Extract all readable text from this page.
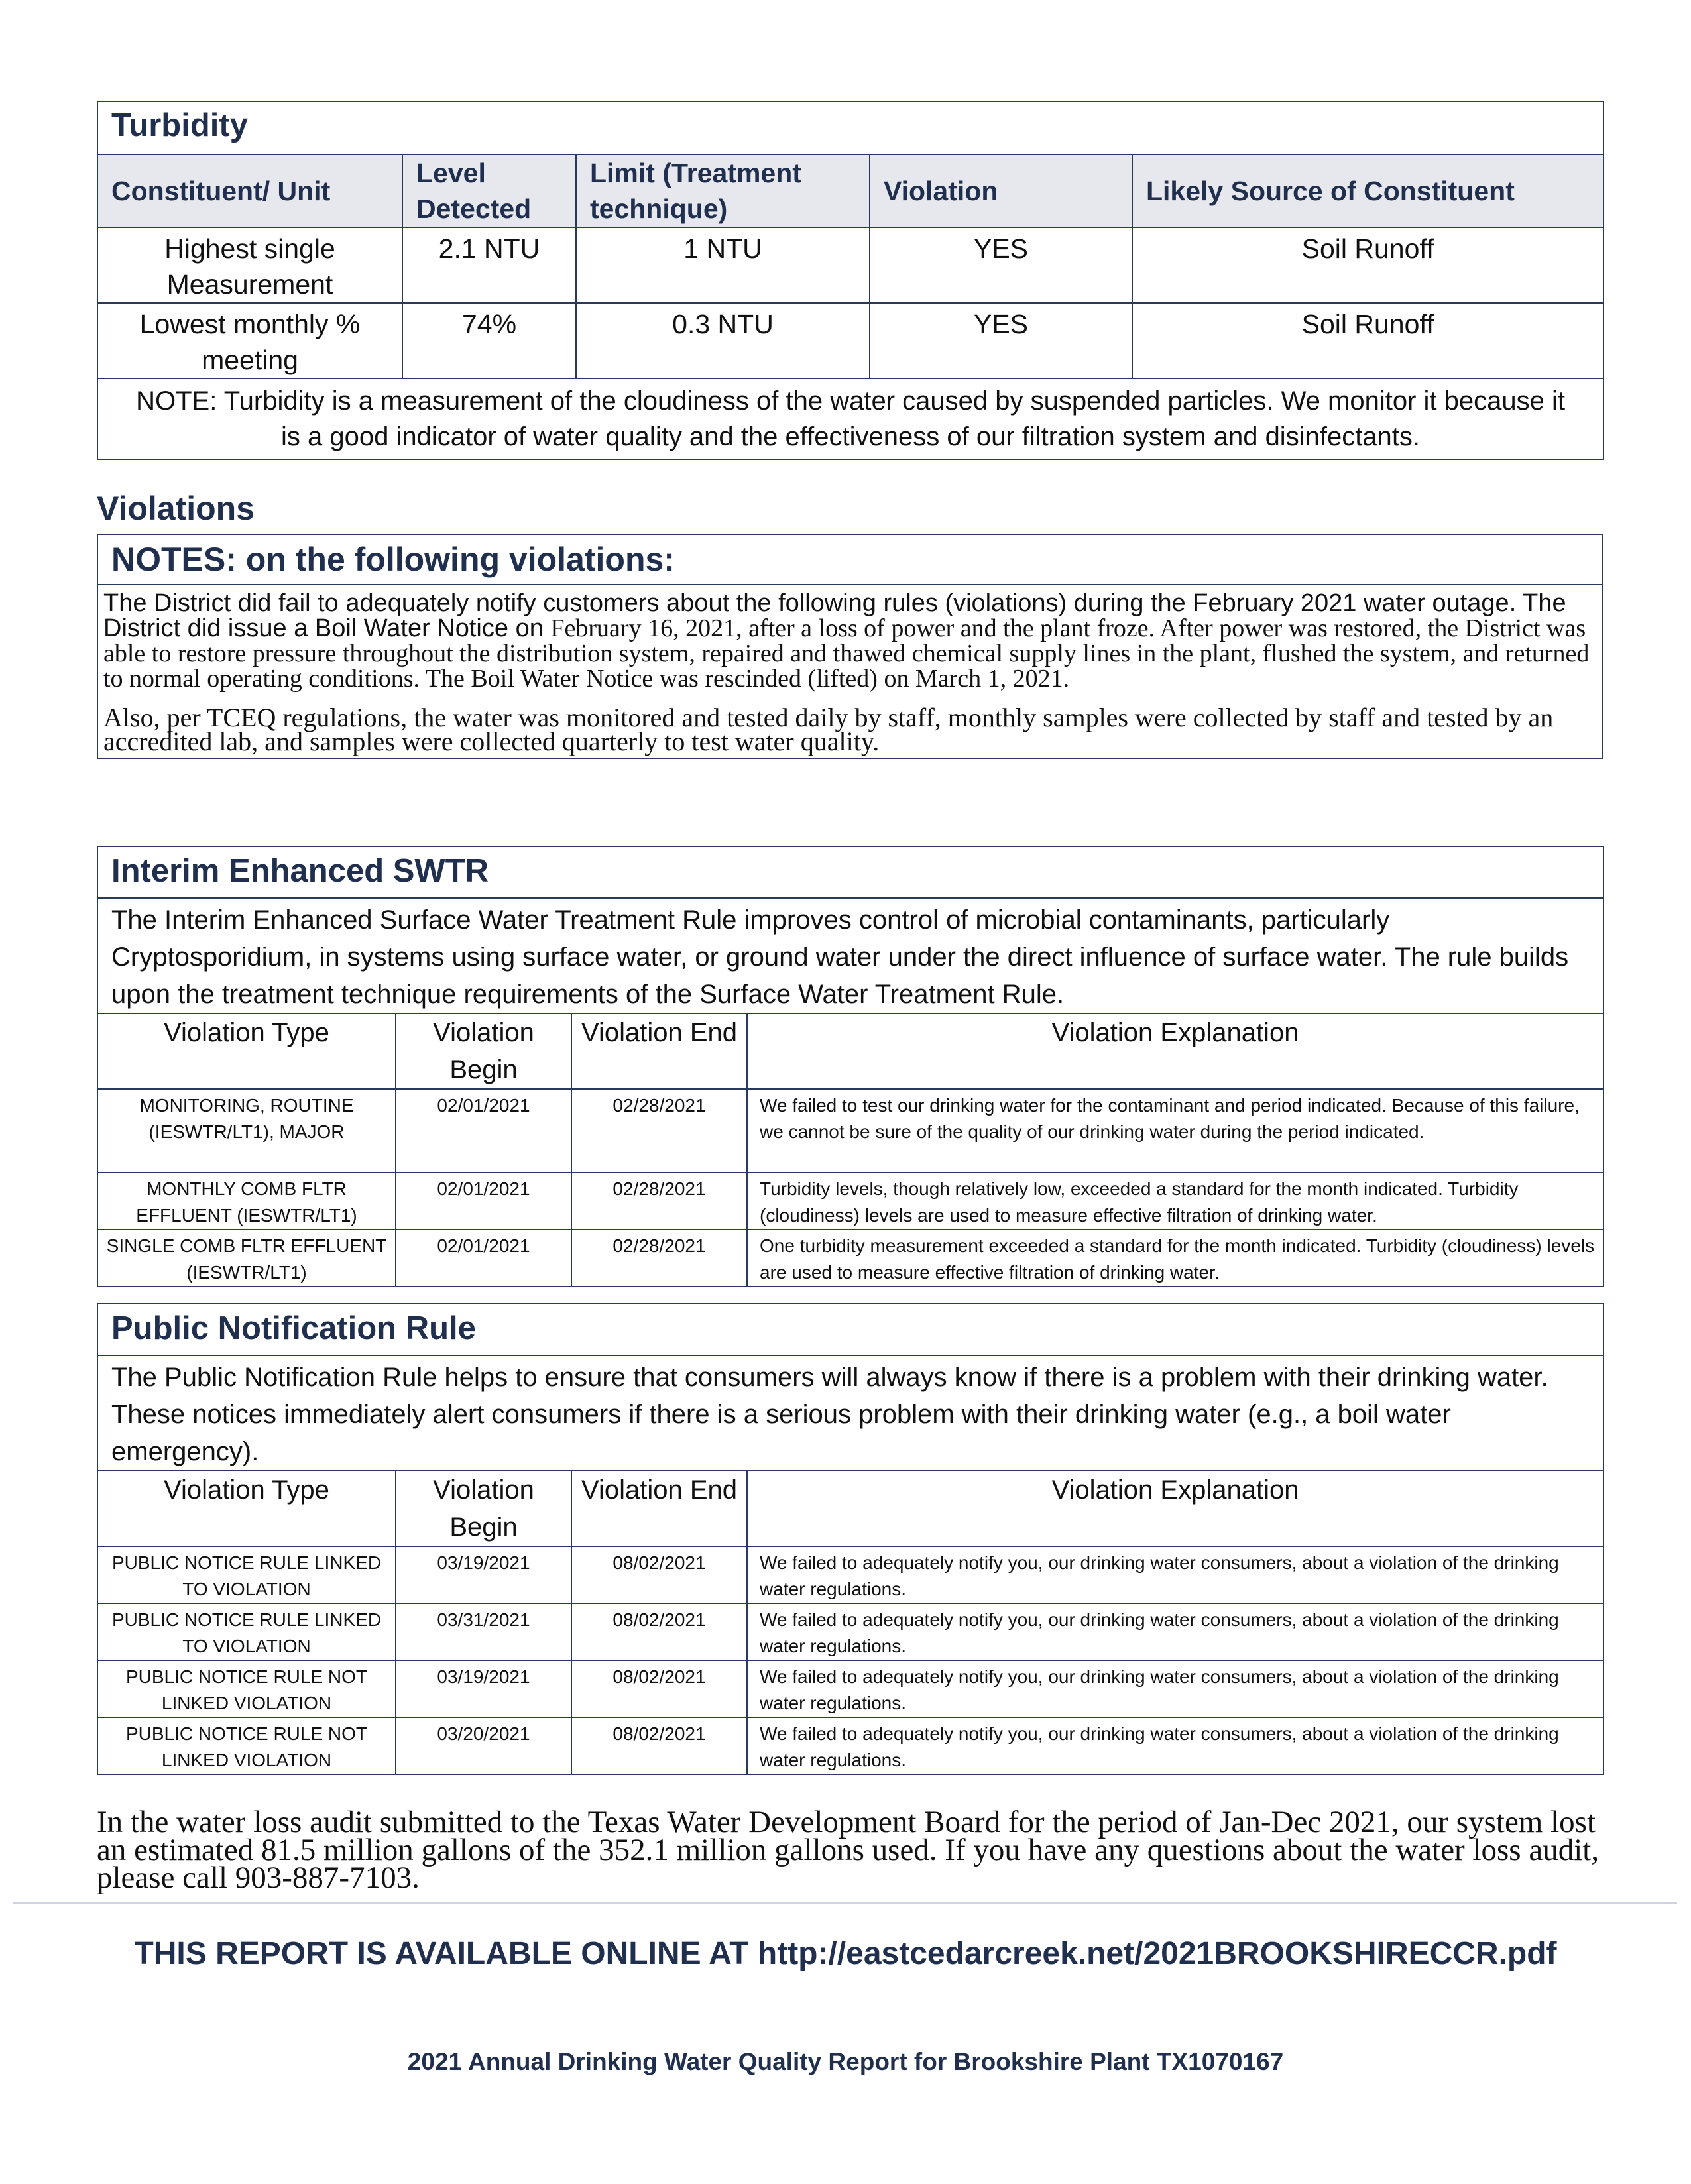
Turbidity				
Constituent/ Unit	Level Detected	Limit (Treatment technique)	Violation	Likely Source of Constituent
Highest single Measurement	2.1 NTU	1 NTU	YES	Soil Runoff
Lowest monthly % meeting	74%	0.3 NTU	YES	Soil Runoff
NOTE: Turbidity is a measurement of the cloudiness of the water caused by suspended particles. We monitor it because it is a good indicator of water quality and the effectiveness of our filtration system and disinfectants.				
Violations
NOTES: on the following violations:

The District did fail to adequately notify customers about the following rules (violations) during the February 2021 water outage. The District did issue a Boil Water Notice on February 16, 2021, after a loss of power and the plant froze. After power was restored, the District was able to restore pressure throughout the distribution system, repaired and thawed chemical supply lines in the plant, flushed the system, and returned to normal operating conditions. The Boil Water Notice was rescinded (lifted) on March 1, 2021.
Also, per TCEQ regulations, the water was monitored and tested daily by staff, monthly samples were collected by staff and tested by an accredited lab, and samples were collected quarterly to test water quality.
Interim Enhanced SWTR			
The Interim Enhanced Surface Water Treatment Rule improves control of microbial contaminants, particularly Cryptosporidium, in systems using surface water, or ground water under the direct influence of surface water. The rule builds upon the treatment technique requirements of the Surface Water Treatment Rule.			
Violation Type	Violation Begin	Violation End	Violation Explanation
MONITORING, ROUTINE (IESWTR/LT1), MAJOR	02/01/2021	02/28/2021	We failed to test our drinking water for the contaminant and period indicated. Because of this failure, we cannot be sure of the quality of our drinking water during the period indicated.
MONTHLY COMB FLTR EFFLUENT (IESWTR/LT1)	02/01/2021	02/28/2021	Turbidity levels, though relatively low, exceeded a standard for the month indicated. Turbidity (cloudiness) levels are used to measure effective filtration of drinking water.
SINGLE COMB FLTR EFFLUENT (IESWTR/LT1)	02/01/2021	02/28/2021	One turbidity measurement exceeded a standard for the month indicated. Turbidity (cloudiness) levels are used to measure effective filtration of drinking water.
Public Notification Rule			
The Public Notification Rule helps to ensure that consumers will always know if there is a problem with their drinking water. These notices immediately alert consumers if there is a serious problem with their drinking water (e.g., a boil water emergency).			
Violation Type	Violation Begin	Violation End	Violation Explanation
PUBLIC NOTICE RULE LINKED TO VIOLATION	03/19/2021	08/02/2021	We failed to adequately notify you, our drinking water consumers, about a violation of the drinking water regulations.
PUBLIC NOTICE RULE LINKED TO VIOLATION	03/31/2021	08/02/2021	We failed to adequately notify you, our drinking water consumers, about a violation of the drinking water regulations.
PUBLIC NOTICE RULE NOT LINKED VIOLATION	03/19/2021	08/02/2021	We failed to adequately notify you, our drinking water consumers, about a violation of the drinking water regulations.
PUBLIC NOTICE RULE NOT LINKED VIOLATION	03/20/2021	08/02/2021	We failed to adequately notify you, our drinking water consumers, about a violation of the drinking water regulations.
In the water loss audit submitted to the Texas Water Development Board for the period of Jan-Dec 2021, our system lost an estimated 81.5 million gallons of the 352.1 million gallons used. If you have any questions about the water loss audit, please call 903-887-7103.
THIS REPORT IS AVAILABLE ONLINE AT http://eastcedarcreek.net/2021BROOKSHIRECCR.pdf
2021 Annual Drinking Water Quality Report for Brookshire Plant TX1070167
